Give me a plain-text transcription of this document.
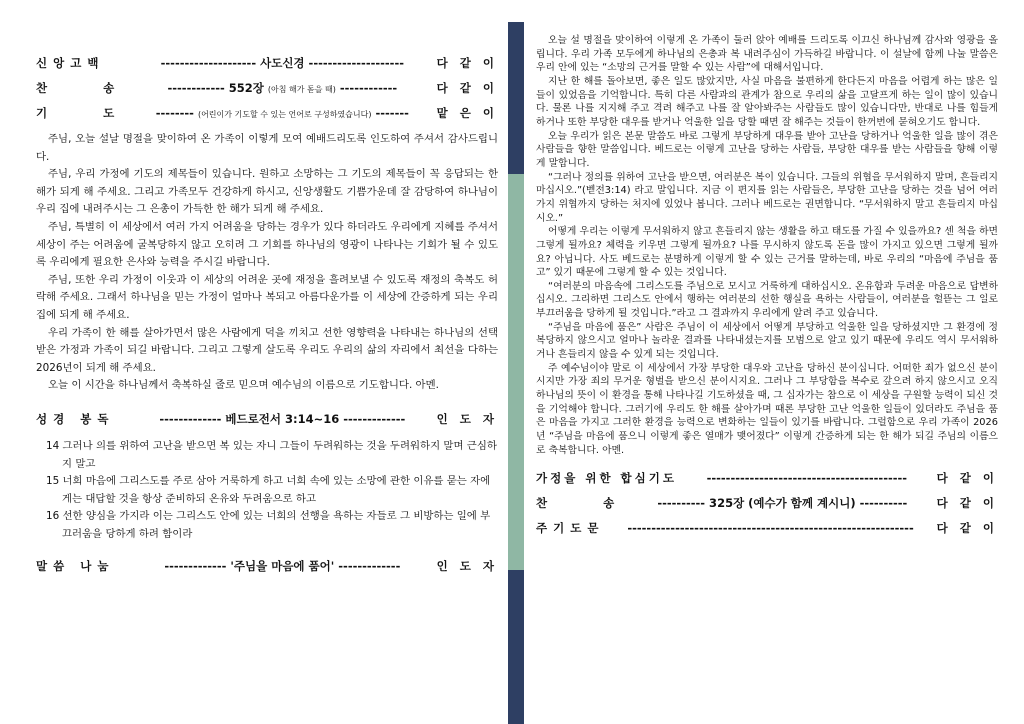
신앙고백	-------------------- 사도신경 --------------------	다 같 이
찬 송	------------ 552장 (아침 해가 돋을 때) ------------	다 같 이
기 도	-------- (어린이가 기도할 수 있는 언어로 구성하였습니다) -------	맡 은 이

주님, 오늘 설날 명절을 맞이하여 온 가족이 이렇게 모여 예배드리도록 인도하여 주셔서 감사드립니다.

주님, 우리 가정에 기도의 제목들이 있습니다. 원하고 소망하는 그 기도의 제목들이 꼭 응답되는 한 해가 되게 해 주세요. 그리고 가족모두 건강하게 하시고, 신앙생활도 기쁨가운데 잘 감당하여 하나님이 우리 집에 내려주시는 그 은총이 가득한 한 해가 되게 해 주세요.

주님, 특별히 이 세상에서 여러 가지 어려움을 당하는 경우가 있다 하더라도 우리에게 지혜를 주셔서 세상이 주는 어려움에 굴복당하지 않고 오히려 그 기회를 하나님의 영광이 나타나는 기회가 될 수 있도록 우리에게 필요한 은사와 능력을 주시길 바랍니다.

주님, 또한 우리 가정이 이웃과 이 세상의 어려운 곳에 재정을 흘려보낼 수 있도록 재정의 축복도 허락해 주세요. 그래서 하나님을 믿는 가정이 얼마나 복되고 아름다운가를 이 세상에 간증하게 되는 우리 집에 되게 해 주세요.

우리 가족이 한 해를 살아가면서 많은 사람에게 덕을 끼치고 선한 영향력을 나타내는 하나님의 선택받은 가정과 가족이 되길 바랍니다. 그리고 그렇게 살도록 우리도 우리의 삶의 자리에서 최선을 다하는 2026년이 되게 해 주세요.

오늘 이 시간을 하나님께서 축복하실 줄로 믿으며 예수님의 이름으로 기도합니다. 아멘.

성경 봉독	------------- 베드로전서 3:14~16 -------------	인 도 자

14 그러나 의를 위하여 고난을 받으면 복 있는 자니 그들이 두려워하는 것을 두려워하지 말며 근심하지 말고

15 너희 마음에 그리스도를 주로 삼아 거룩하게 하고 너희 속에 있는 소망에 관한 이유를 묻는 자에게는 대답할 것을 항상 준비하되 온유와 두려움으로 하고

16 선한 양심을 가지라 이는 그리스도 안에 있는 너희의 선행을 욕하는 자들로 그 비방하는 일에 부끄러움을 당하게 하려 함이라

말씀 나눔	------------- '주님을 마음에 품어' -------------	인 도 자

오늘 설 명절을 맞이하여 이렇게 온 가족이 둘러 앉아 예배를 드리도록 이끄신 하나님께 감사와 영광을 올립니다. 우리 가족 모두에게 하나님의 은총과 복 내려주심이 가득하길 바랍니다. 이 설날에 함께 나눌 말씀은 우리 안에 있는 “소망의 근거를 말할 수 있는 사람”에 대해서입니다.

지난 한 해를 돌아보면, 좋은 일도 많았지만, 사실 마음을 불편하게 한다든지 마음을 어렵게 하는 많은 일들이 있었음을 기억합니다. 특히 다른 사람과의 관계가 참으로 우리의 삶을 고달프게 하는 일이 많이 있습니다. 물론 나를 지지해 주고 격려 해주고 나를 잘 알아봐주는 사람들도 많이 있습니다만, 반대로 나를 힘들게 하거나 또한 부당한 대우를 받거나 억울한 일을 당할 때면 잘 해주는 것들이 한꺼번에 묻혀오기도 합니다.

오늘 우리가 읽은 본문 말씀도 바로 그렇게 부당하게 대우를 받아 고난을 당하거나 억울한 일을 많이 겪은 사람들을 향한 말씀입니다. 베드로는 이렇게 고난을 당하는 사람들, 부당한 대우를 받는 사람들을 향해 이렇게 말합니다.

“그러나 정의를 위하여 고난을 받으면, 여러분은 복이 있습니다. 그들의 위협을 무서워하지 말며, 흔들리지 마십시오.”(벧전3:14) 라고 말입니다. 지금 이 편지를 읽는 사람들은, 부당한 고난을 당하는 것을 넘어 여러 가지 위협까지 당하는 처지에 있었나 봅니다. 그러나 베드로는 권면합니다. “무서워하지 말고 흔들리지 마십시오.”

어떻게 우리는 이렇게 무서워하지 않고 흔들리지 않는 생활을 하고 태도를 가질 수 있을까요? 센 척을 하면 그렇게 될까요? 체력을 키우면 그렇게 될까요? 나를 무시하지 않도록 돈을 많이 가지고 있으면 그렇게 될까요? 아닙니다. 사도 베드로는 분명하게 이렇게 할 수 있는 근거를 말하는데, 바로 우리의 “마음에 주님을 품고” 있기 때문에 그렇게 할 수 있는 것입니다.

“여러분의 마음속에 그리스도를 주님으로 모시고 거룩하게 대하십시오. 온유함과 두려운 마음으로 답변하십시오. 그리하면 그리스도 안에서 행하는 여러분의 선한 행실을 욕하는 사람들이, 여러분을 헐뜯는 그 일로 부끄러움을 당하게 될 것입니다.”라고 그 결과까지 우리에게 알려 주고 있습니다.

“주님을 마음에 품은” 사람은 주님이 이 세상에서 어떻게 부당하고 억울한 일을 당하셨지만 그 환경에 정복당하지 않으시고 얼마나 놀라운 결과를 나타내셨는지를 모범으로 알고 있기 때문에 우리도 역시 무서워하거나 흔들리지 않을 수 있게 되는 것입니다.

주 예수님이야 말로 이 세상에서 가장 부당한 대우와 고난을 당하신 분이십니다. 어떠한 죄가 없으신 분이시지만 가장 죄의 무거운 형벌을 받으신 분이시지요. 그러나 그 부당함을 복수로 갚으려 하지 않으시고 오직 하나님의 뜻이 이 환경을 통해 나타나길 기도하셨을 때, 그 십자가는 참으로 이 세상을 구원할 능력이 되신 것을 기억해야 합니다. 그러기에 우리도 한 해를 살아가며 때론 부당한 고난 억울한 일들이 있더라도 주님을 품은 마음을 가지고 그러한 환경을 능력으로 변화하는 일들이 있기를 바랍니다. 그럴함으로 우리 가족이 2026년 “주님을 마음에 품으니 이렇게 좋은 열매가 맺어졌다” 이렇게 간증하게 되는 한 해가 되길 주님의 이름으로 축복합니다. 아멘.

가정을 위한 합심기도	------------------------------------------	다 같 이
찬 송	---------- 325장 (예수가 함께 계시니) ----------	다 같 이
주기도문	------------------------------------------------------------	다 같 이
